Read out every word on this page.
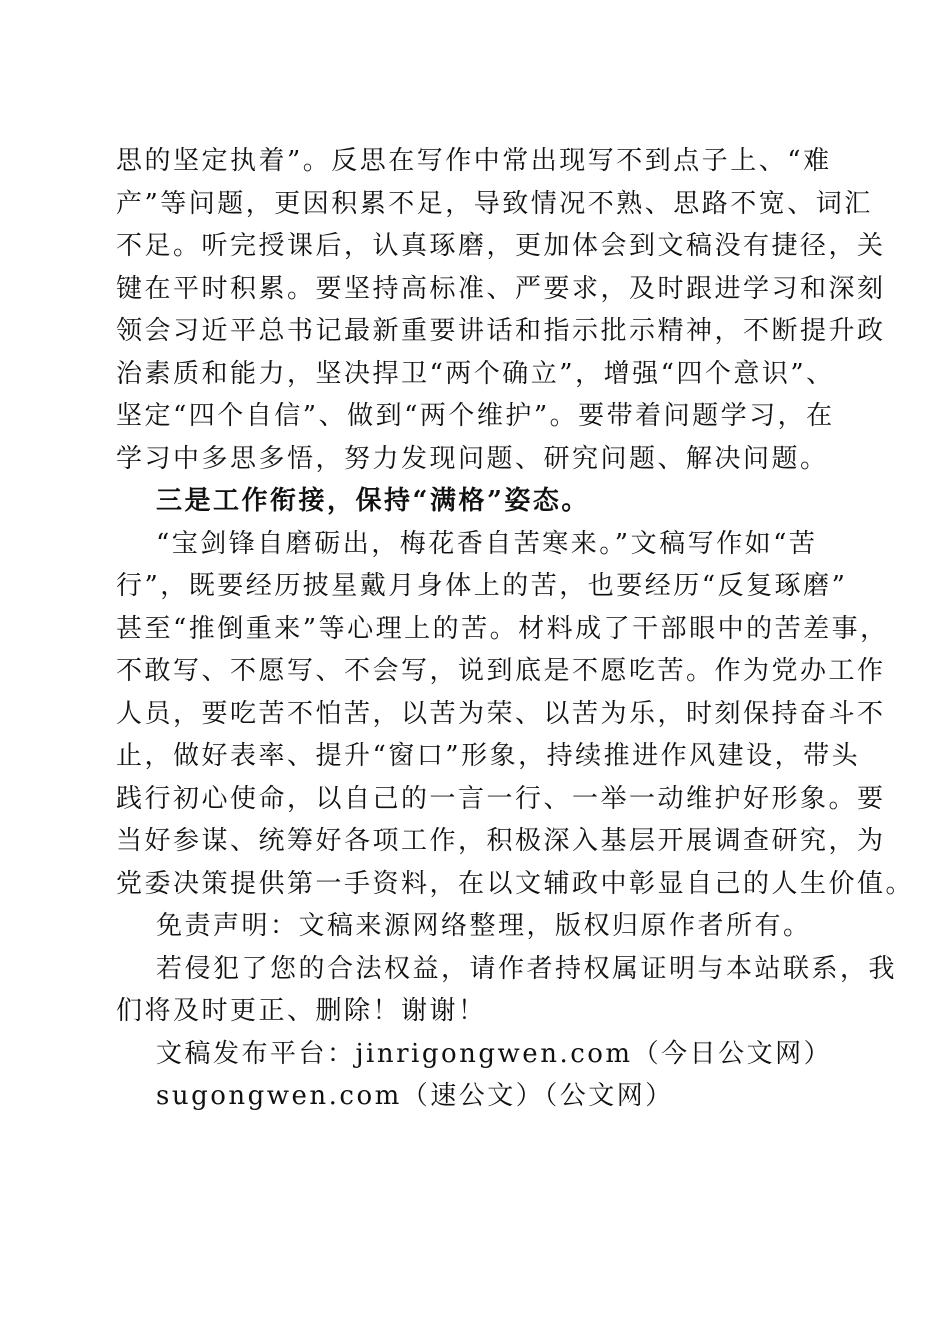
思的坚定执着”。反思在写作中常出现写不到点子上、“难
产”等问题，更因积累不足，导致情况不熟、思路不宽、词汇
不足。听完授课后，认真琢磨，更加体会到文稿没有捷径，关
键在平时积累。要坚持高标准、严要求，及时跟进学习和深刻
领会习近平总书记最新重要讲话和指示批示精神，不断提升政
治素质和能力，坚决捍卫“两个确立”，增强“四个意识”、
坚定“四个自信”、做到“两个维护”。要带着问题学习，在
学习中多思多悟，努力发现问题、研究问题、解决问题。
三是工作衔接，保持“满格”姿态。
“宝剑锋自磨砺出，梅花香自苦寒来。”文稿写作如“苦
行”，既要经历披星戴月身体上的苦，也要经历“反复琢磨”
甚至“推倒重来”等心理上的苦。材料成了干部眼中的苦差事，
不敢写、不愿写、不会写，说到底是不愿吃苦。作为党办工作
人员，要吃苦不怕苦，以苦为荣、以苦为乐，时刻保持奋斗不
止，做好表率、提升“窗口”形象，持续推进作风建设，带头
践行初心使命，以自己的一言一行、一举一动维护好形象。要
当好参谋、统筹好各项工作，积极深入基层开展调查研究，为
党委决策提供第一手资料，在以文辅政中彰显自己的人生价值。
免责声明：文稿来源网络整理，版权归原作者所有。
若侵犯了您的合法权益，请作者持权属证明与本站联系，我
们将及时更正、删除！谢谢！
文稿发布平台：jinrigongwen.com（今日公文网）
sugongwen.com（速公文）（公文网）
